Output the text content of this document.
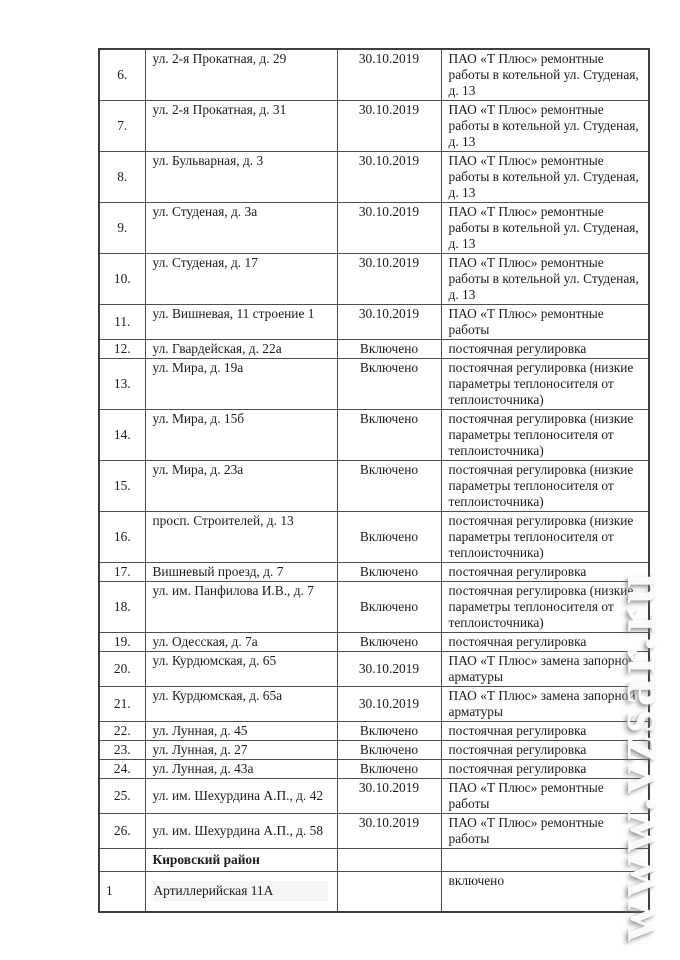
6.	ул. 2-я Прокатная, д. 29	30.10.2019	ПАО «Т Плюс» ремонтные работы в котельной ул. Студеная, д. 13
7.	ул. 2-я Прокатная, д. 31	30.10.2019	ПАО «Т Плюс» ремонтные работы в котельной ул. Студеная, д. 13
8.	ул. Бульварная, д. 3	30.10.2019	ПАО «Т Плюс» ремонтные работы в котельной ул. Студеная, д. 13
9.	ул. Студеная, д. 3а	30.10.2019	ПАО «Т Плюс» ремонтные работы в котельной ул. Студеная, д. 13
10.	ул. Студеная, д. 17	30.10.2019	ПАО «Т Плюс» ремонтные работы в котельной ул. Студеная, д. 13
11.	ул. Вишневая, 11 строение 1	30.10.2019	ПАО «Т Плюс» ремонтные работы
12.	ул. Гвардейская, д. 22а	Включено	постоячная регулировка
13.	ул. Мира, д. 19а	Включено	постоячная регулировка (низкие параметры теплоносителя от теплоисточника)
14.	ул. Мира, д. 15б	Включено	постоячная регулировка (низкие параметры теплоносителя от теплоисточника)
15.	ул. Мира, д. 23а	Включено	постоячная регулировка (низкие параметры теплоносителя от теплоисточника)
16.	просп. Строителей, д. 13	Включено	постоячная регулировка (низкие параметры теплоносителя от теплоисточника)
17.	Вишневый проезд, д. 7	Включено	постоячная регулировка
18.	ул. им. Панфилова И.В., д. 7	Включено	постоячная регулировка (низкие параметры теплоносителя от теплоисточника)
19.	ул. Одесская, д. 7а	Включено	постоячная регулировка
20.	ул. Курдюмская, д. 65	30.10.2019	ПАО «Т Плюс» замена запорной арматуры
21.	ул. Курдюмская, д. 65а	30.10.2019	ПАО «Т Плюс» замена запорной арматуры
22.	ул. Лунная, д. 45	Включено	постоячная регулировка
23.	ул. Лунная, д. 27	Включено	постоячная регулировка
24.	ул. Лунная, д. 43а	Включено	постоячная регулировка
25.	ул. им. Шехурдина А.П., д. 42	30.10.2019	ПАО «Т Плюс» ремонтные работы
26.	ул. им. Шехурдина А.П., д. 58	30.10.2019	ПАО «Т Плюс» ремонтные работы
	Кировский район		
1	Артиллерийская 11А		включено www.vzsar.ru
